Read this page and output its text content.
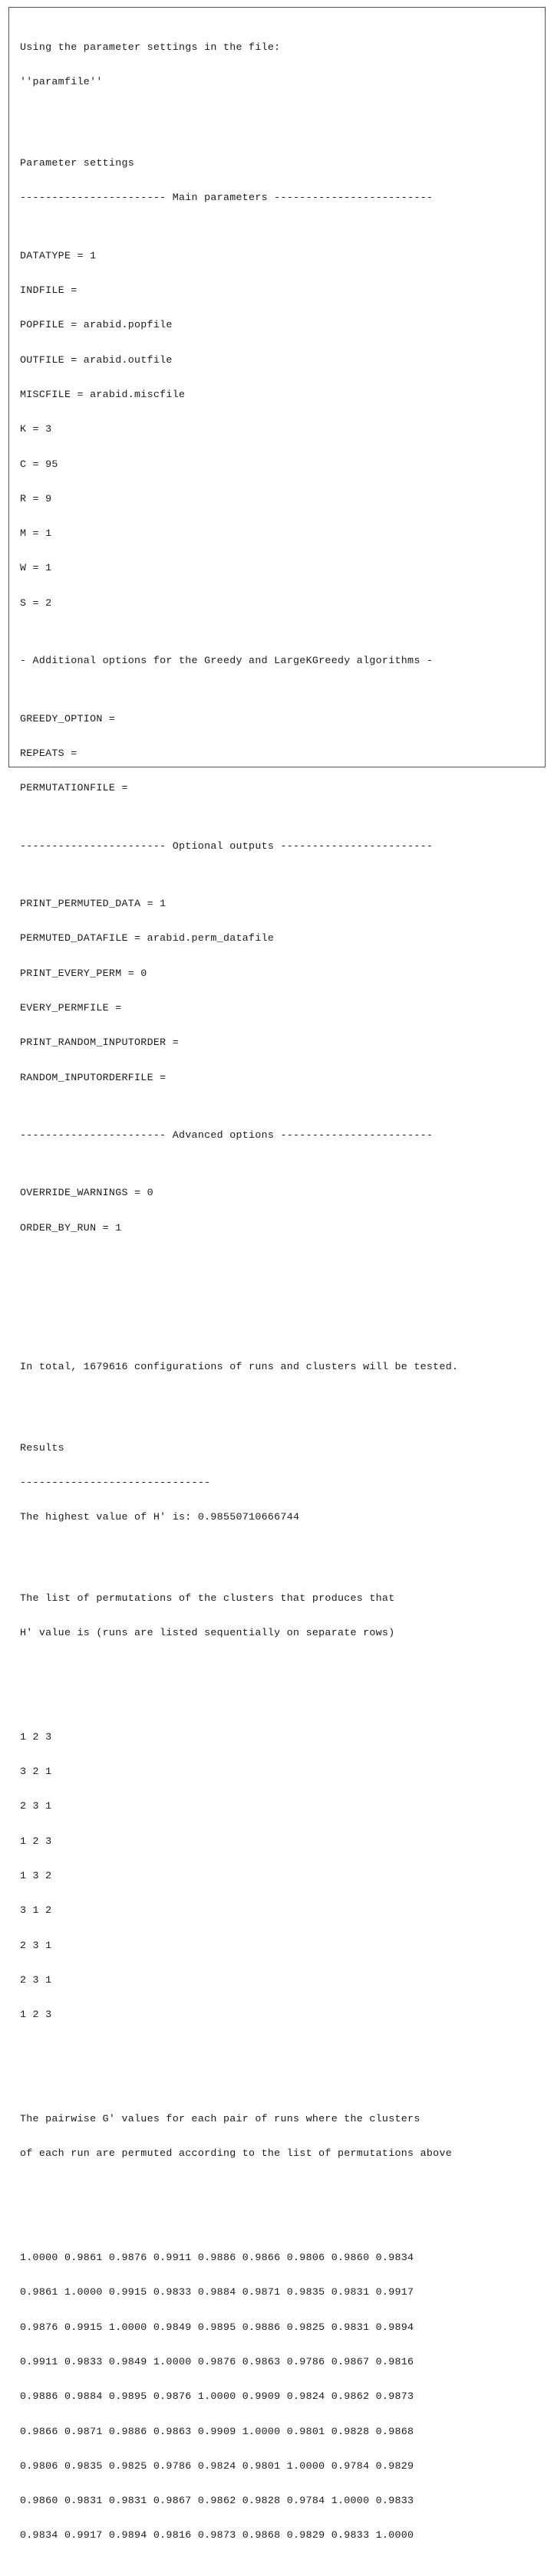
Using the parameter settings in the file:

''paramfile''

Parameter settings

----------------------- Main parameters -------------------------

DATATYPE = 1

INDFILE =

POPFILE = arabid.popfile

OUTFILE = arabid.outfile

MISCFILE = arabid.miscfile

K = 3

C = 95

R = 9

M = 1

W = 1

S = 2

- Additional options for the Greedy and LargeKGreedy algorithms -

GREEDY_OPTION =

REPEATS =

PERMUTATIONFILE =

----------------------- Optional outputs ------------------------

PRINT_PERMUTED_DATA = 1

PERMUTED_DATAFILE = arabid.perm_datafile

PRINT_EVERY_PERM = 0

EVERY_PERMFILE =

PRINT_RANDOM_INPUTORDER =

RANDOM_INPUTORDERFILE =

----------------------- Advanced options ------------------------

OVERRIDE_WARNINGS = 0

ORDER_BY_RUN = 1

In total, 1679616 configurations of runs and clusters will be tested.

Results

------------------------------

The highest value of H' is: 0.98550710666744

The list of permutations of the clusters that produces that

H' value is (runs are listed sequentially on separate rows)

1 2 3

3 2 1

2 3 1

1 2 3

1 3 2

3 1 2

2 3 1

2 3 1

1 2 3

The pairwise G' values for each pair of runs where the clusters

of each run are permuted according to the list of permutations above

1.0000 0.9861 0.9876 0.9911 0.9886 0.9866 0.9806 0.9860 0.9834

0.9861 1.0000 0.9915 0.9833 0.9884 0.9871 0.9835 0.9831 0.9917

0.9876 0.9915 1.0000 0.9849 0.9895 0.9886 0.9825 0.9831 0.9894

0.9911 0.9833 0.9849 1.0000 0.9876 0.9863 0.9786 0.9867 0.9816

0.9886 0.9884 0.9895 0.9876 1.0000 0.9909 0.9824 0.9862 0.9873

0.9866 0.9871 0.9886 0.9863 0.9909 1.0000 0.9801 0.9828 0.9868

0.9806 0.9835 0.9825 0.9786 0.9824 0.9801 1.0000 0.9784 0.9829

0.9860 0.9831 0.9831 0.9867 0.9862 0.9828 0.9784 1.0000 0.9833

0.9834 0.9917 0.9894 0.9816 0.9873 0.9868 0.9829 0.9833 1.0000
